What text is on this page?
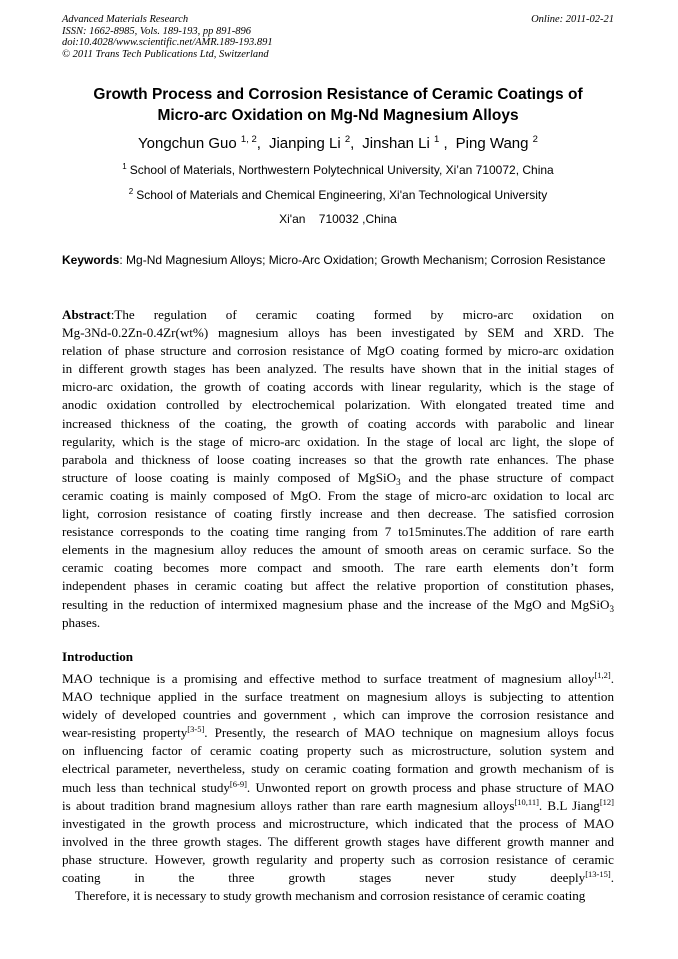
Advanced Materials Research
ISSN: 1662-8985, Vols. 189-193, pp 891-896
doi:10.4028/www.scientific.net/AMR.189-193.891
© 2011 Trans Tech Publications Ltd, Switzerland
Online: 2011-02-21
Growth Process and Corrosion Resistance of Ceramic Coatings of
Micro-arc Oxidation on Mg-Nd Magnesium Alloys
Yongchun Guo $^{1, 2}$, Jianping Li $^2$, Jinshan Li $^1$ , Ping Wang $^2$
$^1$ School of Materials, Northwestern Polytechnical University, Xi’an 710072, China
$^2$ School of Materials and Chemical Engineering, Xi'an Technological University
Xi'an    710032 ,China
Keywords: Mg-Nd Magnesium Alloys; Micro-Arc Oxidation; Growth Mechanism; Corrosion Resistance
Abstract:The regulation of ceramic coating formed by micro-arc oxidation on
Mg-3Nd-0.2Zn-0.4Zr(wt%) magnesium alloys has been investigated by SEM and XRD. The
relation of phase structure and corrosion resistance of MgO coating formed by micro-arc oxidation
in different growth stages has been analyzed. The results have shown that in the initial stages of
micro-arc oxidation, the growth of coating accords with linear regularity, which is the stage of
anodic oxidation controlled by electrochemical polarization. With elongated treated time and
increased thickness of the coating, the growth of coating accords with parabolic and linear
regularity, which is the stage of micro-arc oxidation. In the stage of local arc light, the slope of
parabola and thickness of loose coating increases so that the growth rate enhances. The phase
structure of loose coating is mainly composed of MgSiO$_3$ and the phase structure of compact
ceramic coating is mainly composed of MgO. From the stage of micro-arc oxidation to local arc
light, corrosion resistance of coating firstly increase and then decrease. The satisfied corrosion
resistance corresponds to the coating time ranging from 7 to15minutes.The addition of rare earth
elements in the magnesium alloy reduces the amount of smooth areas on ceramic surface. So the
ceramic coating becomes more compact and smooth. The rare earth elements don’t form
independent phases in ceramic coating but affect the relative proportion of constitution phases,
resulting in the reduction of intermixed magnesium phase and the increase of the MgO and MgSiO$_3$
phases.
Introduction
MAO technique is a promising and effective method to surface treatment of magnesium alloy[1,2].
MAO technique applied in the surface treatment on magnesium alloys is subjecting to attention
widely of developed countries and government , which can improve the corrosion resistance and
wear-resisting property[3-5]. Presently, the research of MAO technique on magnesium alloys focus
on influencing factor of ceramic coating property such as microstructure, solution system and
electrical parameter, nevertheless, study on ceramic coating formation and growth mechanism of is
much less than technical study[6-9]. Unwonted report on growth process and phase structure of MAO
is about tradition brand magnesium alloys rather than rare earth magnesium alloys[10,11]. B.L Jiang[12]
investigated in the growth process and microstructure, which indicated that the process of MAO
involved in the three growth stages. The different growth stages have different growth manner and
phase structure. However, growth regularity and property such as corrosion resistance of ceramic
coating in the three growth stages never study deeply[13-15].
Therefore, it is necessary to study growth mechanism and corrosion resistance of ceramic coating
